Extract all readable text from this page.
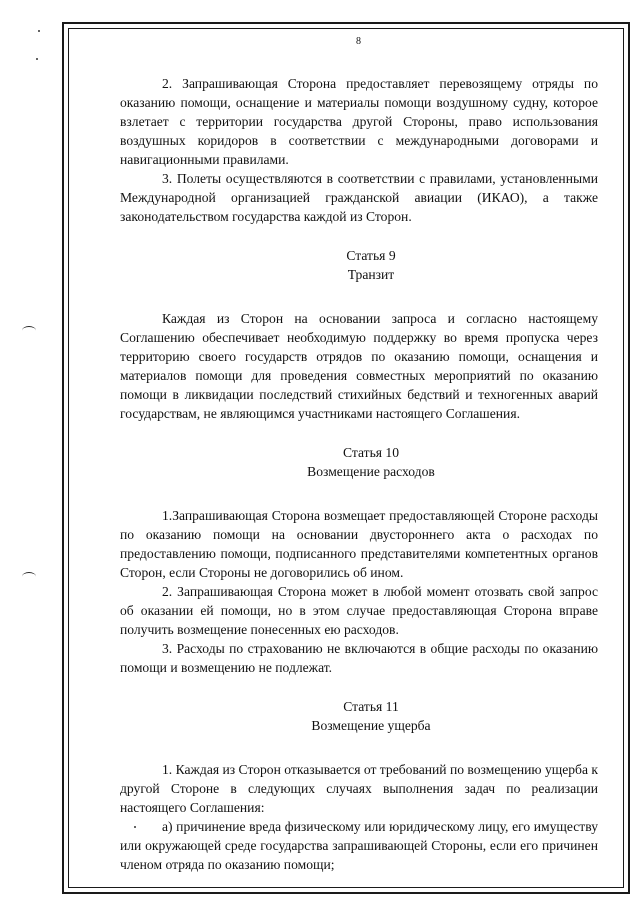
8

2. Запрашивающая Сторона предоставляет перевозящему отряды по оказанию помощи, оснащение и материалы помощи воздушному судну, которое взлетает с территории государства другой Стороны, право использования воздушных коридоров в соответствии с международными договорами и навигационными правилами.

3. Полеты осуществляются в соответствии с правилами, установленными Международной организацией гражданской авиации (ИКАО), а также законодательством государства каждой из Сторон.

Статья 9

Транзит

Каждая из Сторон на основании запроса и согласно настоящему Соглашению обеспечивает необходимую поддержку во время пропуска через территорию своего государств отрядов по оказанию помощи, оснащения и материалов помощи для проведения совместных мероприятий по оказанию помощи в ликвидации последствий стихийных бедствий и техногенных аварий государствам, не являющимся участниками настоящего Соглашения.

Статья 10

Возмещение расходов

1.Запрашивающая Сторона возмещает предоставляющей Стороне расходы по оказанию помощи на основании двустороннего акта о расходах по предоставлению помощи, подписанного представителями компетентных органов Сторон, если Стороны не договорились об ином.

2. Запрашивающая Сторона может в любой момент отозвать свой запрос об оказании ей помощи, но в этом случае предоставляющая Сторона вправе получить возмещение понесенных ею расходов.

3. Расходы по страхованию не включаются в общие расходы по оказанию помощи и возмещению не подлежат.

Статья 11

Возмещение ущерба

1. Каждая из Сторон отказывается от требований по возмещению ущерба к другой Стороне в следующих случаях выполнения задач по реализации настоящего Соглашения:

а) причинение вреда физическому или юридическому лицу, его имуществу или окружающей среде государства запрашивающей Стороны, если его причинен членом отряда по оказанию помощи;
